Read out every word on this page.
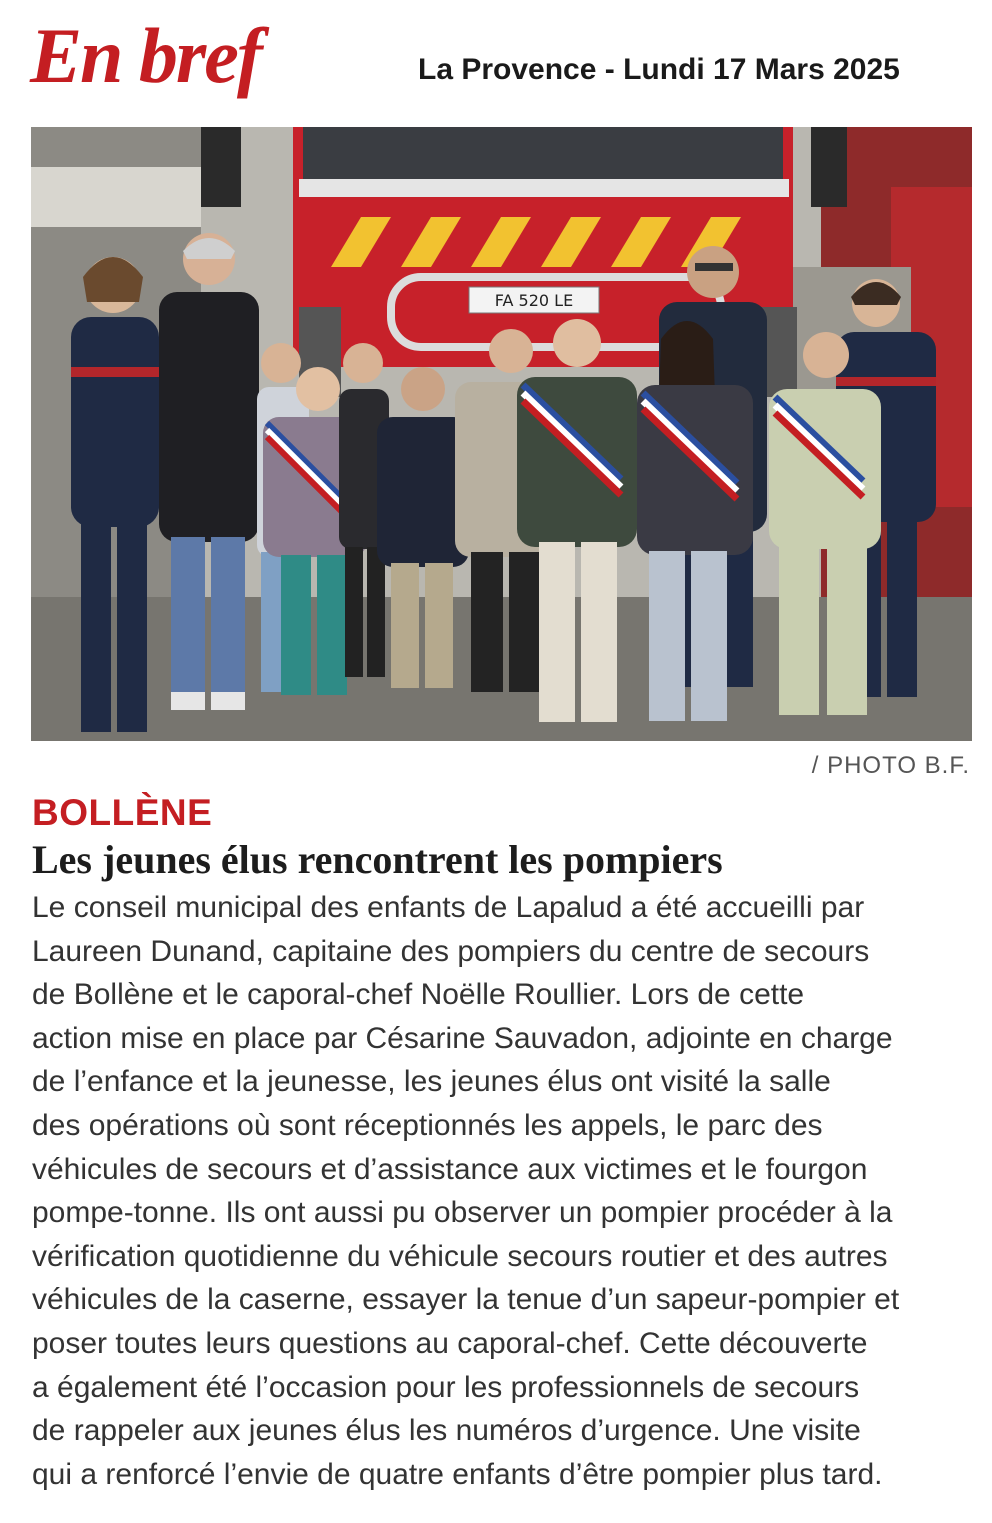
En bref	La Provence - Lundi 17 Mars 2025
FA 520 LE
/ PHOTO B.F.
BOLLÈNE
Les jeunes élus rencontrent les pompiers

Le conseil municipal des enfants de Lapalud a été accueilli par
Laureen Dunand, capitaine des pompiers du centre de secours
de Bollène et le caporal-chef Noëlle Roullier. Lors de cette
action mise en place par Césarine Sauvadon, adjointe en charge
de l’enfance et la jeunesse, les jeunes élus ont visité la salle
des opérations où sont réceptionnés les appels, le parc des
véhicules de secours et d’assistance aux victimes et le fourgon
pompe-tonne. Ils ont aussi pu observer un pompier procéder à la
vérification quotidienne du véhicule secours routier et des autres
véhicules de la caserne, essayer la tenue d’un sapeur-pompier et
poser toutes leurs questions au caporal-chef. Cette découverte
a également été l’occasion pour les professionnels de secours
de rappeler aux jeunes élus les numéros d’urgence. Une visite
qui a renforcé l’envie de quatre enfants d’être pompier plus tard.
